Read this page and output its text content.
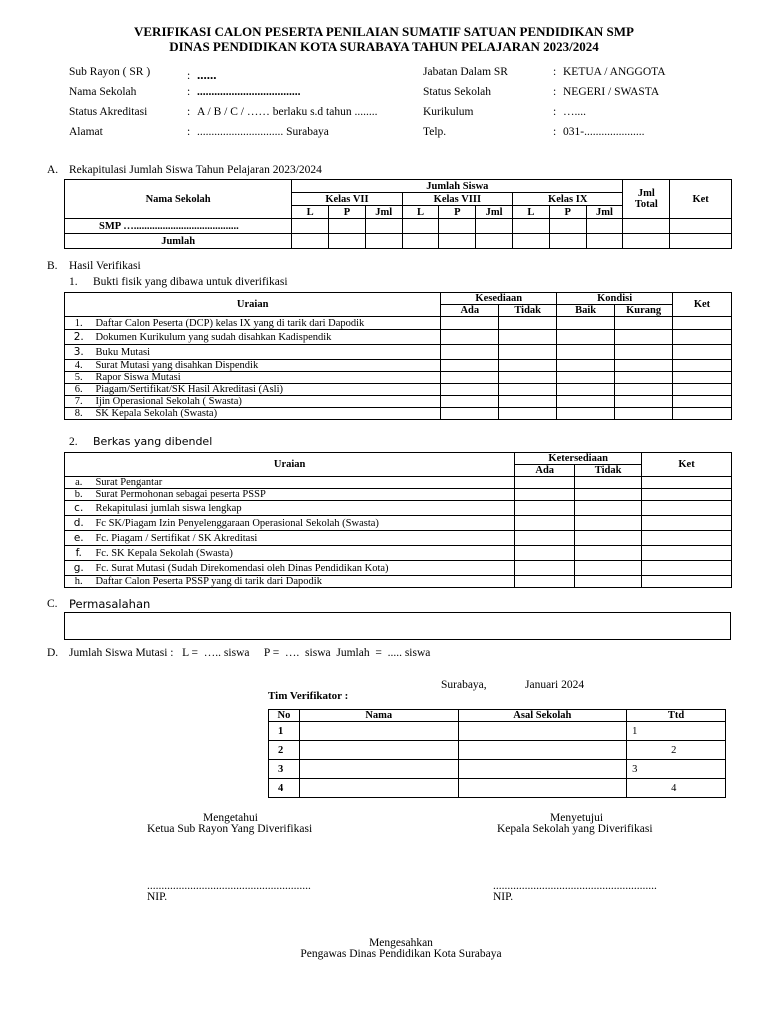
VERIFIKASI CALON PESERTA PENILAIAN SUMATIF SATUAN PENDIDIKAN SMP
DINAS PENDIDIKAN KOTA SURABAYA TAHUN PELAJARAN 2023/2024
Sub Rayon ( SR )	: ......
Nama Sekolah	: ....................................
Status Akreditasi	: A / B / C / …… berlaku s.d tahun ........
Alamat	: .............................. Surabaya
Jabatan Dalam SR	: KETUA / ANGGOTA
Status Sekolah	: NEGERI / SWASTA
Kurikulum	: …....
Telp.	: 031-.....................
A. Rekapitulasi Jumlah Siswa Tahun Pelajaran 2023/2024
Nama Sekolah	Jumlah Siswa									Jml Total	Ket
	Kelas VII			Kelas VIII			Kelas IX				
	L	P	Jml	L	P	Jml	L	P	Jml		
SMP …........................................											
Jumlah											
B. Hasil Verifikasi
1. Bukti fisik yang dibawa untuk diverifikasi
Uraian		Kesediaan		Kondisi		Ket
		Ada	Tidak	Baik	Kurang	
1.	Daftar Calon Peserta (DCP) kelas IX yang di tarik dari Dapodik					
2.	Dokumen Kurikulum yang sudah disahkan Kadispendik					
3.	Buku Mutasi					
4.	Surat Mutasi yang disahkan Dispendik					
5.	Rapor Siswa Mutasi					
6.	Piagam/Sertifikat/SK Hasil Akreditasi (Asli)					
7.	Ijin Operasional Sekolah ( Swasta)					
8.	SK Kepala Sekolah (Swasta)					
2. Berkas yang dibendel
Uraian		Ketersediaan		Ket
		Ada	Tidak	
a.	Surat Pengantar			
b.	Surat Permohonan sebagai peserta PSSP			
c.	Rekapitulasi jumlah siswa lengkap			
d.	Fc SK/Piagam Izin Penyelenggaraan Operasional Sekolah (Swasta)			
e.	Fc. Piagam / Sertifikat / SK Akreditasi			
f.	Fc. SK Kepala Sekolah (Swasta)			
g.	Fc. Surat Mutasi (Sudah Direkomendasi oleh Dinas Pendidikan Kota)			
h.	Daftar Calon Peserta PSSP yang di tarik dari Dapodik			
C. Permasalahan
D. Jumlah Siswa Mutasi :   L =  ….. siswa     P =  ….  siswa  Jumlah  =  ..... siswa
Surabaya,	Januari 2024
Tim Verifikator :
No	Nama	Asal Sekolah	Ttd
1			1
2			2
3			3
4			4
Mengetahui
Ketua Sub Rayon Yang Diverifikasi
Menyetujui
Kepala Sekolah yang Diverifikasi
.........................................................
NIP.
.........................................................
NIP.
Mengesahkan
Pengawas Dinas Pendidikan Kota Surabaya
